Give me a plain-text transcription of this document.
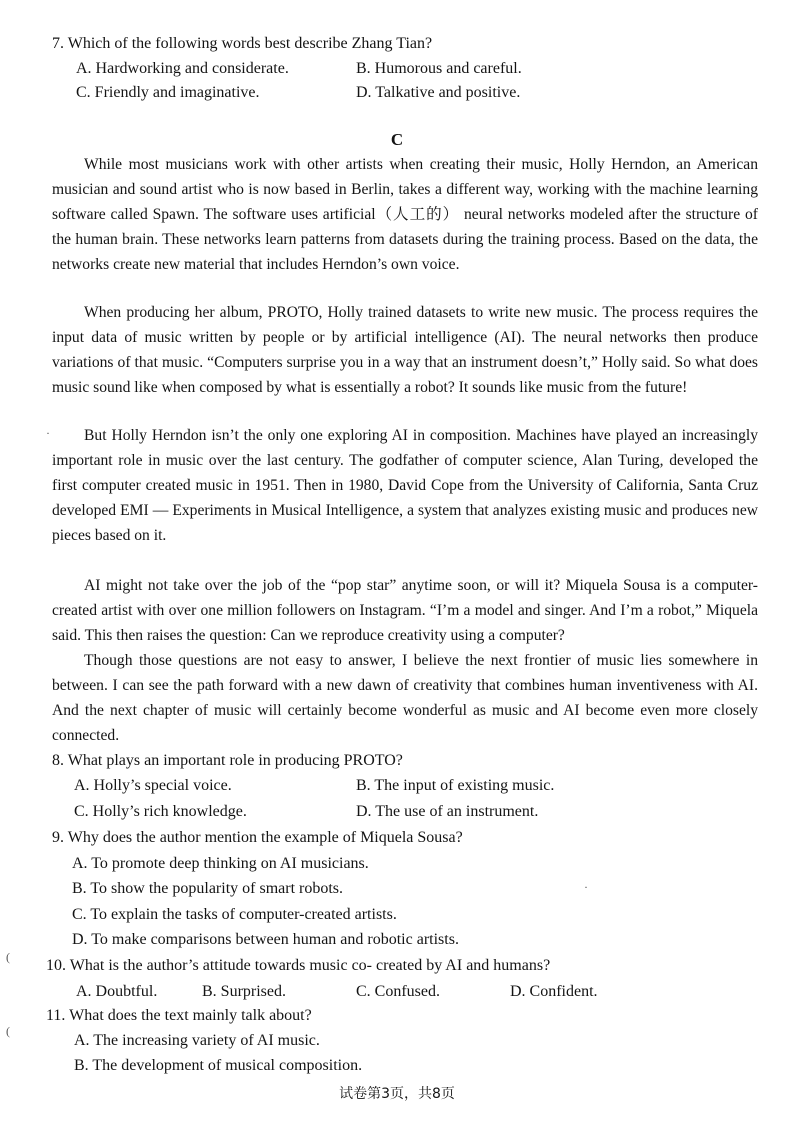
7. Which of the following words best describe Zhang Tian?
A. Hardworking and considerate.	B. Humorous and careful.
C. Friendly and imaginative.	D. Talkative and positive.
C
While most musicians work with other artists when creating their music, Holly Herndon, an American musician and sound artist who is now based in Berlin, takes a different way, working with the machine learning software called Spawn. The software uses artificial（人工的） neural networks modeled after the structure of the human brain. These networks learn patterns from datasets during the training process. Based on the data, the networks create new material that includes Herndon’s own voice.
When producing her album, PROTO, Holly trained datasets to write new music. The process requires the input data of music written by people or by artificial intelligence (AI). The neural networks then produce variations of that music. “Computers surprise you in a way that an instrument doesn’t,” Holly said. So what does music sound like when composed by what is essentially a robot? It sounds like music from the future!
But Holly Herndon isn’t the only one exploring AI in composition. Machines have played an increasingly important role in music over the last century. The godfather of computer science, Alan Turing, developed the first computer created music in 1951. Then in 1980, David Cope from the University of California, Santa Cruz developed EMI — Experiments in Musical Intelligence, a system that analyzes existing music and produces new pieces based on it.
AI might not take over the job of the “pop star” anytime soon, or will it? Miquela Sousa is a computer-created artist with over one million followers on Instagram. “I’m a model and singer. And I’m a robot,” Miquela said. This then raises the question: Can we reproduce creativity using a computer?
Though those questions are not easy to answer, I believe the next frontier of music lies somewhere in between. I can see the path forward with a new dawn of creativity that combines human inventiveness with AI. And the next chapter of music will certainly become wonderful as music and AI become even more closely connected.
8. What plays an important role in producing PROTO?
A. Holly’s special voice.	B. The input of existing music.
C. Holly’s rich knowledge.	D. The use of an instrument.
9. Why does the author mention the example of Miquela Sousa?
A. To promote deep thinking on AI musicians.
B. To show the popularity of smart robots.
C. To explain the tasks of computer-created artists.
D. To make comparisons between human and robotic artists.
10. What is the author’s attitude towards music co- created by AI and humans?
A. Doubtful.	B. Surprised.	C. Confused.	D. Confident.
11. What does the text mainly talk about?
A. The increasing variety of AI music.
B. The development of musical composition.
试卷第3页，共8页
·
·
(
(
